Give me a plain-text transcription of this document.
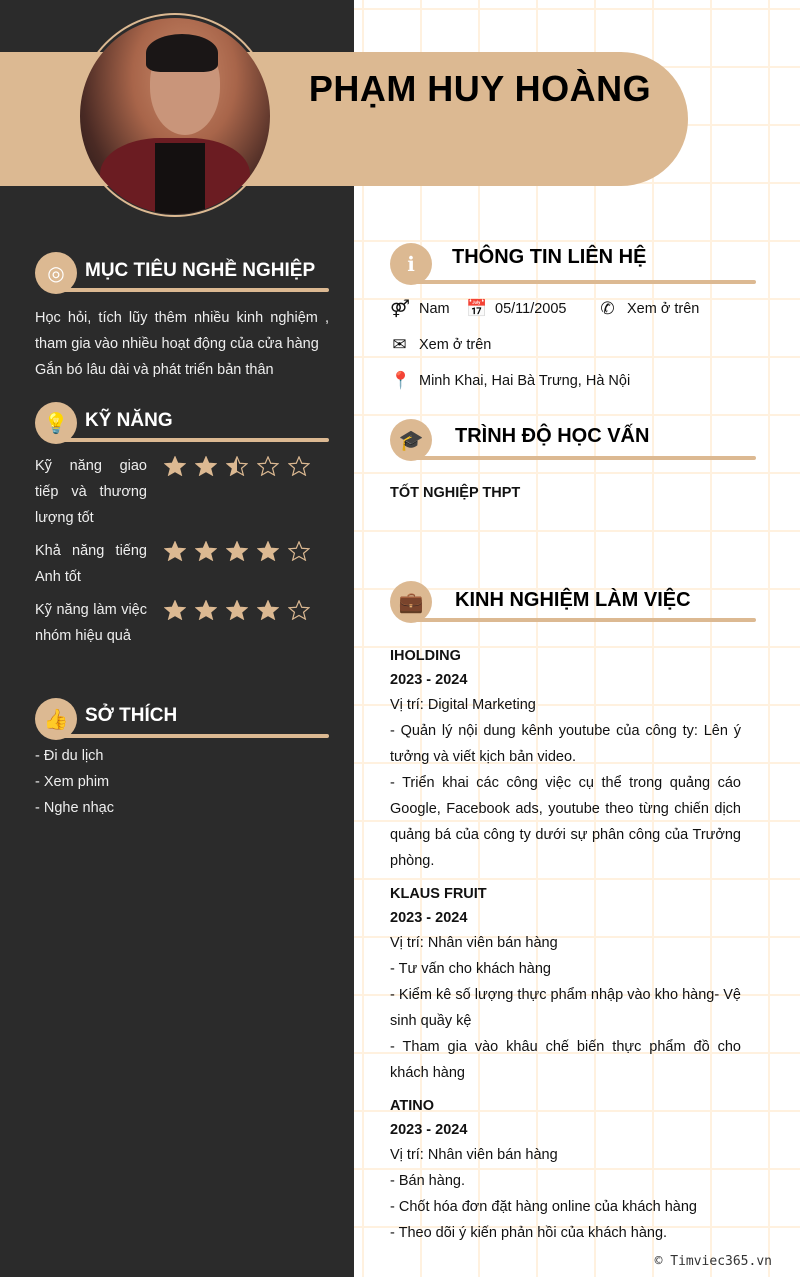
PHẠM HUY HOÀNG
◎	MỤC TIÊU NGHỀ NGHIỆP
Học hỏi, tích lũy thêm nhiều kinh nghiệm , tham gia vào nhiều hoạt động của cửa hàng
Gắn bó lâu dài và phát triển bản thân
💡 KỸ NĂNG
Kỹ năng giao tiếp và thương lượng tốt
Khả năng tiếng Anh tốt
Kỹ năng làm việc nhóm hiệu quả
👍 SỞ THÍCH
- Đi du lịch
- Xem phim
- Nghe nhạc
ℹ	THÔNG TIN LIÊN HỆ
⚤ Nam 📅 05/11/2005 ✆ Xem ở trên
✉ Xem ở trên
📍 Minh Khai, Hai Bà Trưng, Hà Nội
🎓	TRÌNH ĐỘ HỌC VẤN
TỐT NGHIỆP THPT
💼	KINH NGHIỆM LÀM VIỆC
IHOLDING
2023 - 2024
Vị trí: Digital Marketing
- Quản lý nội dung kênh youtube của công ty: Lên ý tưởng và viết kịch bản video.
- Triển khai các công việc cụ thể trong quảng cáo Google, Facebook ads, youtube theo từng chiến dịch quảng bá của công ty dưới sự phân công của Trưởng phòng.
KLAUS FRUIT
2023 - 2024
Vị trí: Nhân viên bán hàng
- Tư vấn cho khách hàng
- Kiểm kê số lượng thực phẩm nhập vào kho hàng- Vệ sinh quầy kệ
- Tham gia vào khâu chế biến thực phẩm đồ cho khách hàng
ATINO
2023 - 2024
Vị trí: Nhân viên bán hàng
- Bán hàng.
- Chốt hóa đơn đặt hàng online của khách hàng
- Theo dõi ý kiến phản hồi của khách hàng.
© Timviec365.vn
